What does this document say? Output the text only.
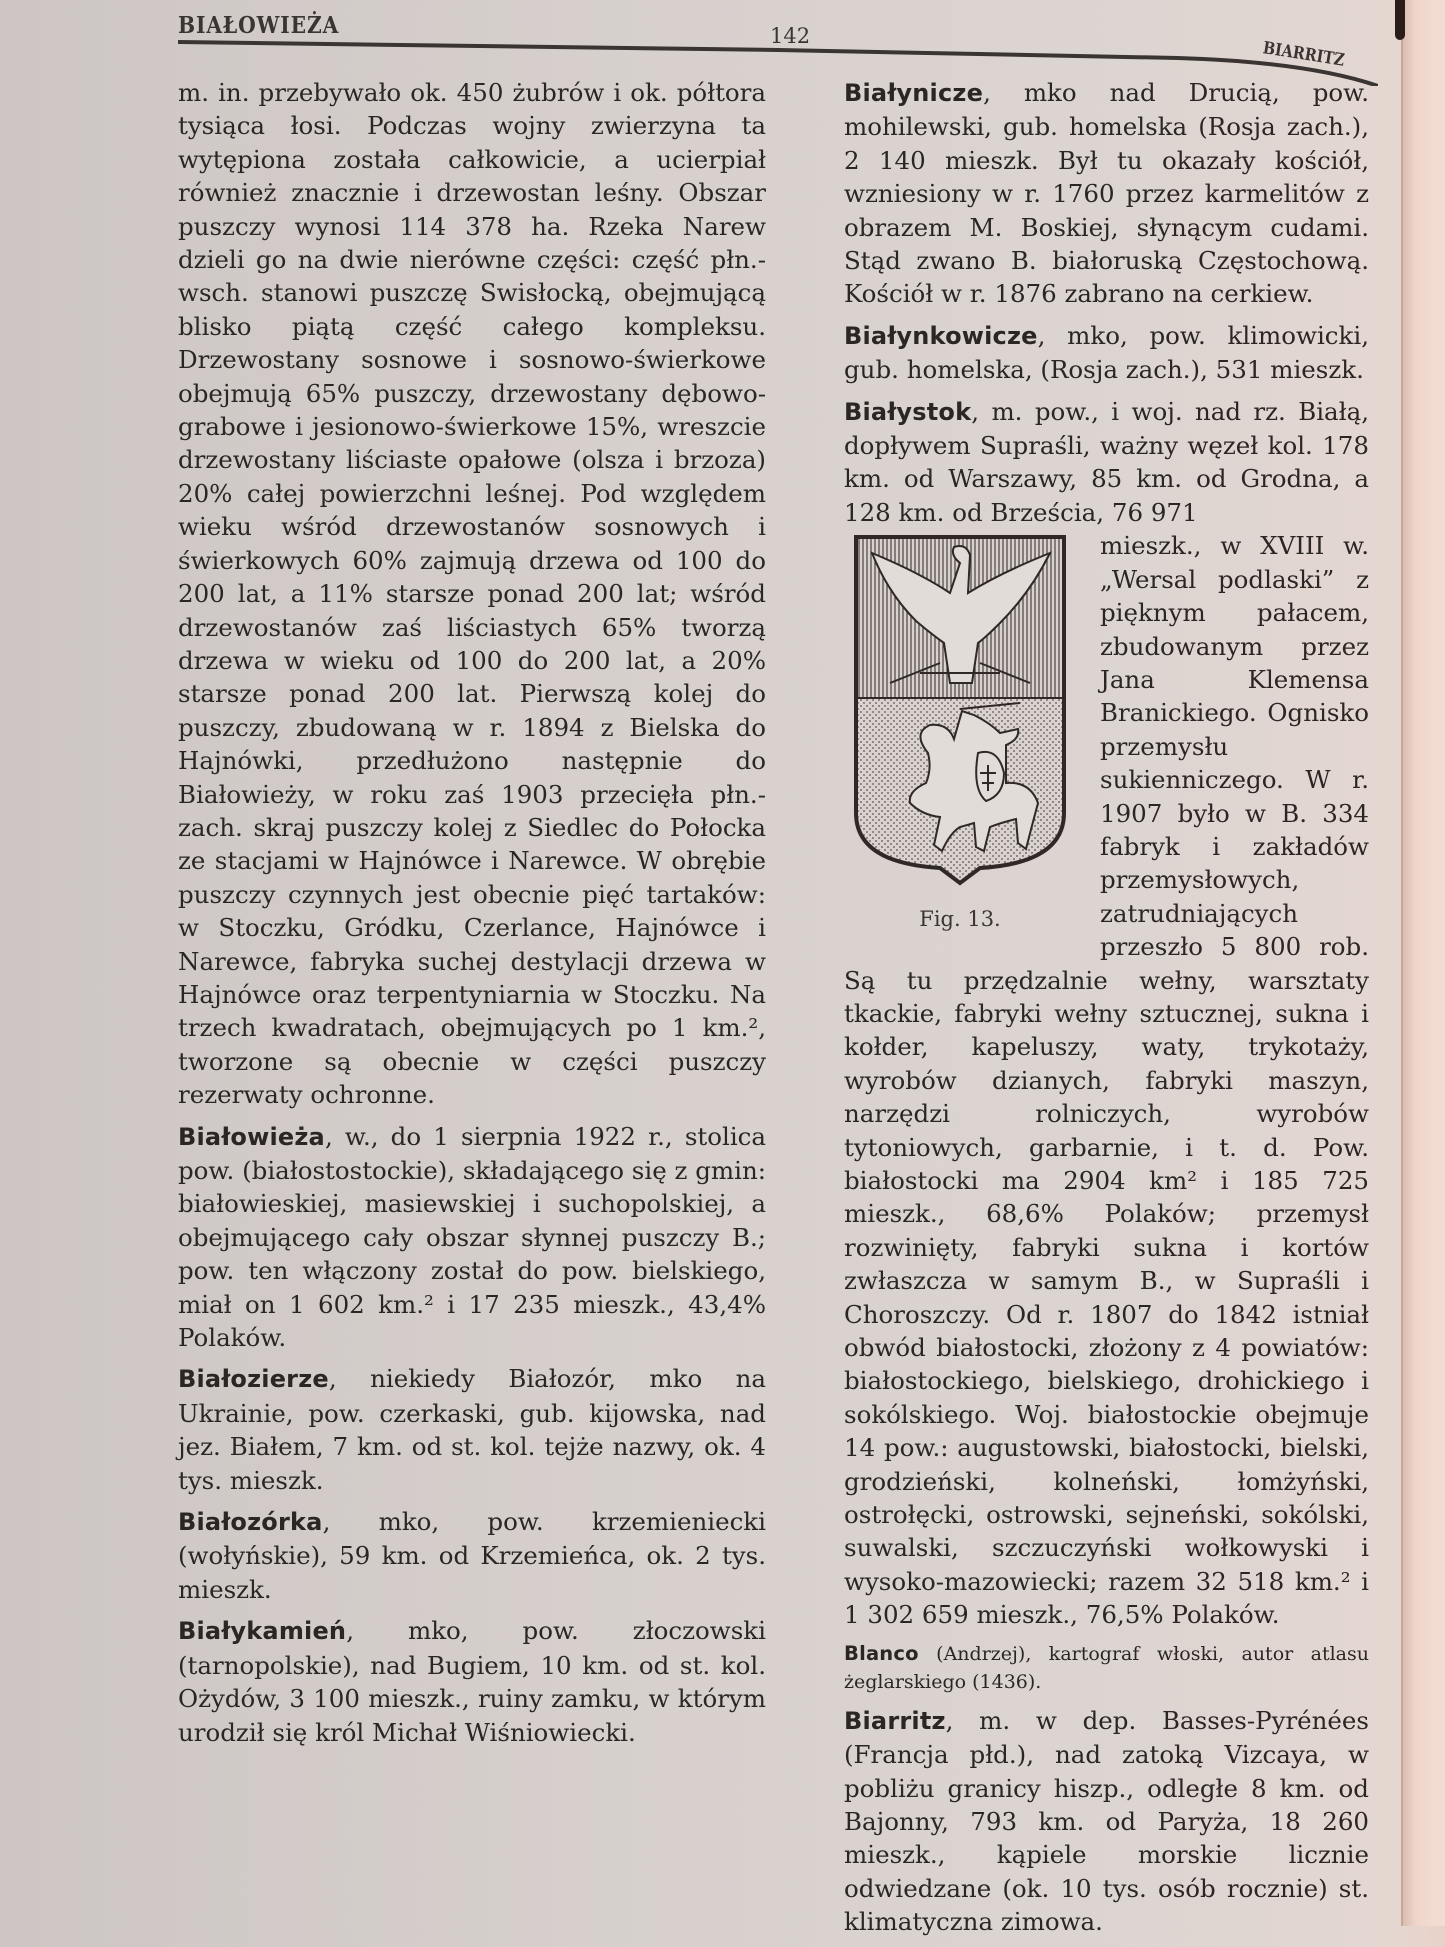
BIAŁOWIEŻA	142
BIARRITZ

m. in. przebywało ok. 450 żubrów i ok. półtora tysiąca łosi. Podczas wojny zwierzyna ta wytępiona została całkowicie, a ucierpiał również znacznie i drzewostan leśny. Obszar puszczy wynosi 114 378 ha. Rzeka Narew dzieli go na dwie nierówne części: część płn.-wsch. stanowi puszczę Swisłocką, obejmującą blisko piątą część całego kompleksu. Drzewostany sosnowe i sosnowo-świerkowe obejmują 65% puszczy, drzewostany dębowo-grabowe i jesionowo-świerkowe 15%, wreszcie drzewostany liściaste opałowe (olsza i brzoza) 20% całej powierzchni leśnej. Pod względem wieku wśród drzewostanów sosnowych i świerkowych 60% zajmują drzewa od 100 do 200 lat, a 11% starsze ponad 200 lat; wśród drzewostanów zaś liściastych 65% tworzą drzewa w wieku od 100 do 200 lat, a 20% starsze ponad 200 lat. Pierwszą kolej do puszczy, zbudowaną w r. 1894 z Bielska do Hajnówki, przedłużono następnie do Białowieży, w roku zaś 1903 przecięła płn.-zach. skraj puszczy kolej z Siedlec do Połocka ze stacjami w Hajnówce i Narewce. W obrębie puszczy czynnych jest obecnie pięć tartaków: w Stoczku, Gródku, Czerlance, Hajnówce i Narewce, fabryka suchej destylacji drzewa w Hajnówce oraz terpentyniarnia w Stoczku. Na trzech kwadratach, obejmujących po 1 km.², tworzone są obecnie w części puszczy rezerwaty ochronne.

Białowieża, w., do 1 sierpnia 1922 r., stolica pow. (białostostockie), składającego się z gmin: białowieskiej, masiewskiej i suchopolskiej, a obejmującego cały obszar słynnej puszczy B.; pow. ten włączony został do pow. bielskiego, miał on 1 602 km.² i 17 235 mieszk., 43,4% Polaków.

Białozierze, niekiedy Białozór, mko na Ukrainie, pow. czerkaski, gub. kijowska, nad jez. Białem, 7 km. od st. kol. tejże nazwy, ok. 4 tys. mieszk.

Białozórka, mko, pow. krzemieniecki (wołyńskie), 59 km. od Krzemieńca, ok. 2 tys. mieszk.

Białykamień, mko, pow. złoczowski (tarnopolskie), nad Bugiem, 10 km. od st. kol. Ożydów, 3 100 mieszk., ruiny zamku, w którym urodził się król Michał Wiśniowiecki.

Białynicze, mko nad Drucią, pow. mohilewski, gub. homelska (Rosja zach.), 2 140 mieszk. Był tu okazały kościół, wzniesiony w r. 1760 przez karmelitów z obrazem M. Boskiej, słynącym cudami. Stąd zwano B. białoruską Częstochową. Kościół w r. 1876 zabrano na cerkiew.

Białynkowicze, mko, pow. klimowicki, gub. homelska, (Rosja zach.), 531 mieszk.

Białystok, m. pow., i woj. nad rz. Białą, dopływem Supraśli, ważny węzeł kol. 178 km. od Warszawy, 85 km. od Grodna, a 128 km. od Brześcia, 76 971

Fig. 13.

mieszk., w XVIII w. „Wersal podlaski” z pięknym pałacem, zbudowanym przez Jana Klemensa Branickiego. Ognisko przemysłu sukienniczego. W r. 1907 było w B. 334 fabryk i zakładów przemysłowych, zatrudniających przeszło 5 800 rob. Są tu przędzalnie wełny, warsztaty tkackie, fabryki wełny sztucznej, sukna i kołder, kapeluszy, waty, trykotaży, wyrobów dzianych, fabryki maszyn, narzędzi rolniczych, wyrobów tytoniowych, garbarnie, i t. d. Pow. białostocki ma 2904 km² i 185 725 mieszk., 68,6% Polaków; przemysł rozwinięty, fabryki sukna i kortów zwłaszcza w samym B., w Supraśli i Choroszczy. Od r. 1807 do 1842 istniał obwód białostocki, złożony z 4 powiatów: białostockiego, bielskiego, drohickiego i sokólskiego. Woj. białostockie obejmuje 14 pow.: augustowski, białostocki, bielski, grodzieński, kolneński, łomżyński, ostrołęcki, ostrowski, sejneński, sokólski, suwalski, szczuczyński wołkowyski i wysoko-mazowiecki; razem 32 518 km.² i 1 302 659 mieszk., 76,5% Polaków.

Blanco (Andrzej), kartograf włoski, autor atlasu żeglarskiego (1436).

Biarritz, m. w dep. Basses-Pyrénées (Francja płd.), nad zatoką Vizcaya, w pobliżu granicy hiszp., odległe 8 km. od Bajonny, 793 km. od Paryża, 18 260 mieszk., kąpiele morskie licznie odwiedzane (ok. 10 tys. osób rocznie) st. klimatyczna zimowa.
